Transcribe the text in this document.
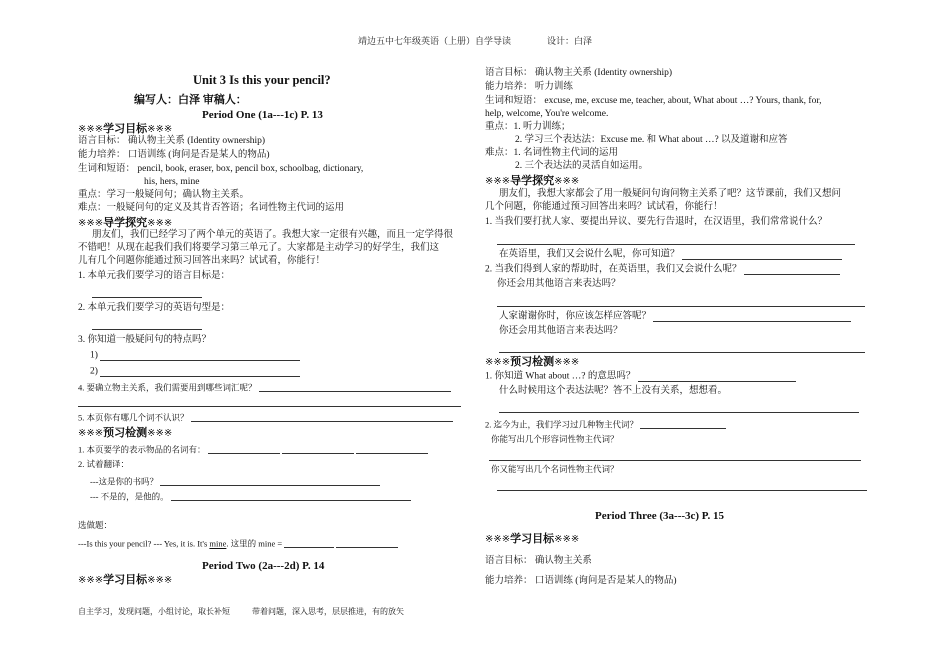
靖边五中七年级英语（上册）自学导读	设计：白泽
Unit 3 Is this your pencil?
编写人：白泽 审稿人：
Period One (1a---1c) P. 13
※※※学习目标※※※
语言目标： 确认物主关系 (Identity ownership)
能力培养： 口语训练 (询问是否是某人的物品)
生词和短语： pencil, book, eraser, box, pencil box, schoolbag, dictionary,
his, hers, mine
重点：学习一般疑问句；确认物主关系。
难点：一般疑问句的定义及其肯否答语；名词性物主代词的运用
※※※导学探究※※※
朋友们，我们已经学习了两个单元的英语了。我想大家一定很有兴趣，而且一定学得很
不错吧！从现在起我们我们将要学习第三单元了。大家都是主动学习的好学生，我们这
儿有几个问题你能通过预习回答出来吗？试试看，你能行！
1. 本单元我们要学习的语言目标是：
2. 本单元我们要学习的英语句型是：
3. 你知道一般疑问句的特点吗？
1)
2)
4. 要确立物主关系，我们需要用到哪些词汇呢？
5. 本页你有哪几个词不认识？
※※※预习检测※※※
1. 本页要学的表示物品的名词有：
2. 试着翻译：
---这是你的书吗？
--- 不是的，是他的。
选做题：
---Is this your pencil? --- Yes, it is. It's mine. 这里的 mine =
Period Two (2a---2d) P. 14
※※※学习目标※※※
语言目标： 确认物主关系 (Identity ownership)
能力培养： 听力训练
生词和短语： excuse, me, excuse me, teacher, about, What about …? Yours, thank, for,
help, welcome, You're welcome.
重点：1. 听力训练；
2. 学习三个表达法：Excuse me. 和 What about …? 以及道谢和应答
难点：1. 名词性物主代词的运用
2. 三个表达法的灵活自如运用。
※※※导学探究※※※
朋友们，我想大家都会了用一般疑问句询问物主关系了吧？这节课前，我们又想问
几个问题，你能通过预习回答出来吗？试试看，你能行！
1. 当我们要打扰人家、要提出异议、要先行告退时，在汉语里，我们常常说什么？
在英语里，我们又会说什么呢，你可知道？
2. 当我们得到人家的帮助时，在英语里，我们又会说什么呢？
你还会用其他语言来表达吗？
人家谢谢你时，你应该怎样应答呢？
你还会用其他语言来表达吗？
※※※预习检测※※※
1. 你知道 What about …? 的意思吗？
什么时候用这个表达法呢？答不上没有关系，想想看。
2. 迄今为止，我们学习过几种物主代词？
你能写出几个形容词性物主代词？
你又能写出几个名词性物主代词？
Period Three (3a---3c) P. 15
※※※学习目标※※※
语言目标： 确认物主关系
能力培养： 口语训练 (询问是否是某人的物品)
自主学习，发现问题，小组讨论，取长补短	带着问题，深入思考，层层推进，有的放矢
